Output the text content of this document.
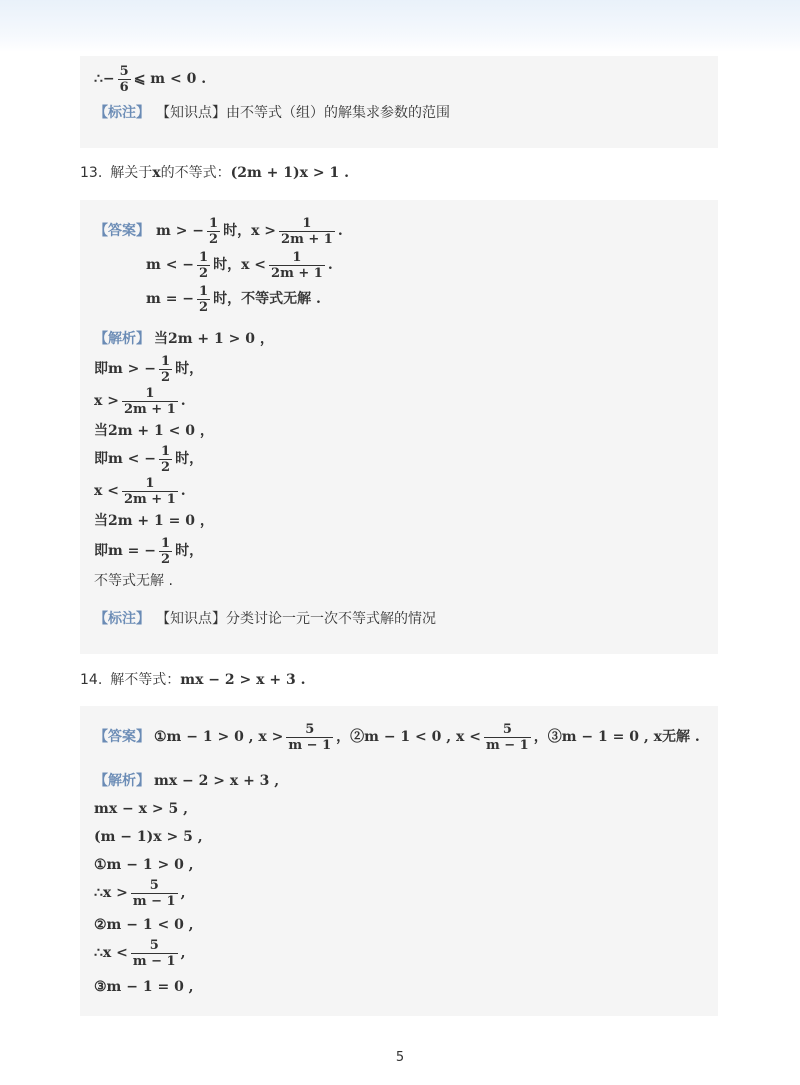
∴− $\frac{5}{6}$ ⩽ m < 0 .
【标注】 【知识点】由不等式（组）的解集求参数的范围
13. 解关于 x 的不等式： (2m + 1)x > 1 .
【答案】 m > − $\frac{1}{2}$ 时，$x > \frac{1}{2m + 1}$ .
m < − $\frac{1}{2}$ 时，$x < \frac{1}{2m + 1}$ .
m = − $\frac{1}{2}$ 时，不等式无解 .
【解析】 当2m + 1 > 0 ，
即m > − $\frac{1}{2}$ 时，
$x > \frac{1}{2m + 1}$ .
当2m + 1 < 0 ，
即m < − $\frac{1}{2}$ 时，
$x < \frac{1}{2m + 1}$ .
当2m + 1 = 0 ，
即m = − $\frac{1}{2}$ 时，
不等式无解 .
【标注】 【知识点】分类讨论一元一次不等式解的情况
14. 解不等式： mx − 2 > x + 3 .
【答案】 ①m − 1 > 0 , $x > \frac{5}{m - 1}$ ，②m − 1 < 0 , $x < \frac{5}{m - 1}$ ，③m − 1 = 0 , x无解 .
【解析】 mx − 2 > x + 3 ,
mx − x > 5 ,
(m − 1)x > 5 ,
①m − 1 > 0 ,
∴x > $\frac{5}{m - 1}$ ,
②m − 1 < 0 ,
∴x < $\frac{5}{m - 1}$ ,
③m − 1 = 0 ,
5
